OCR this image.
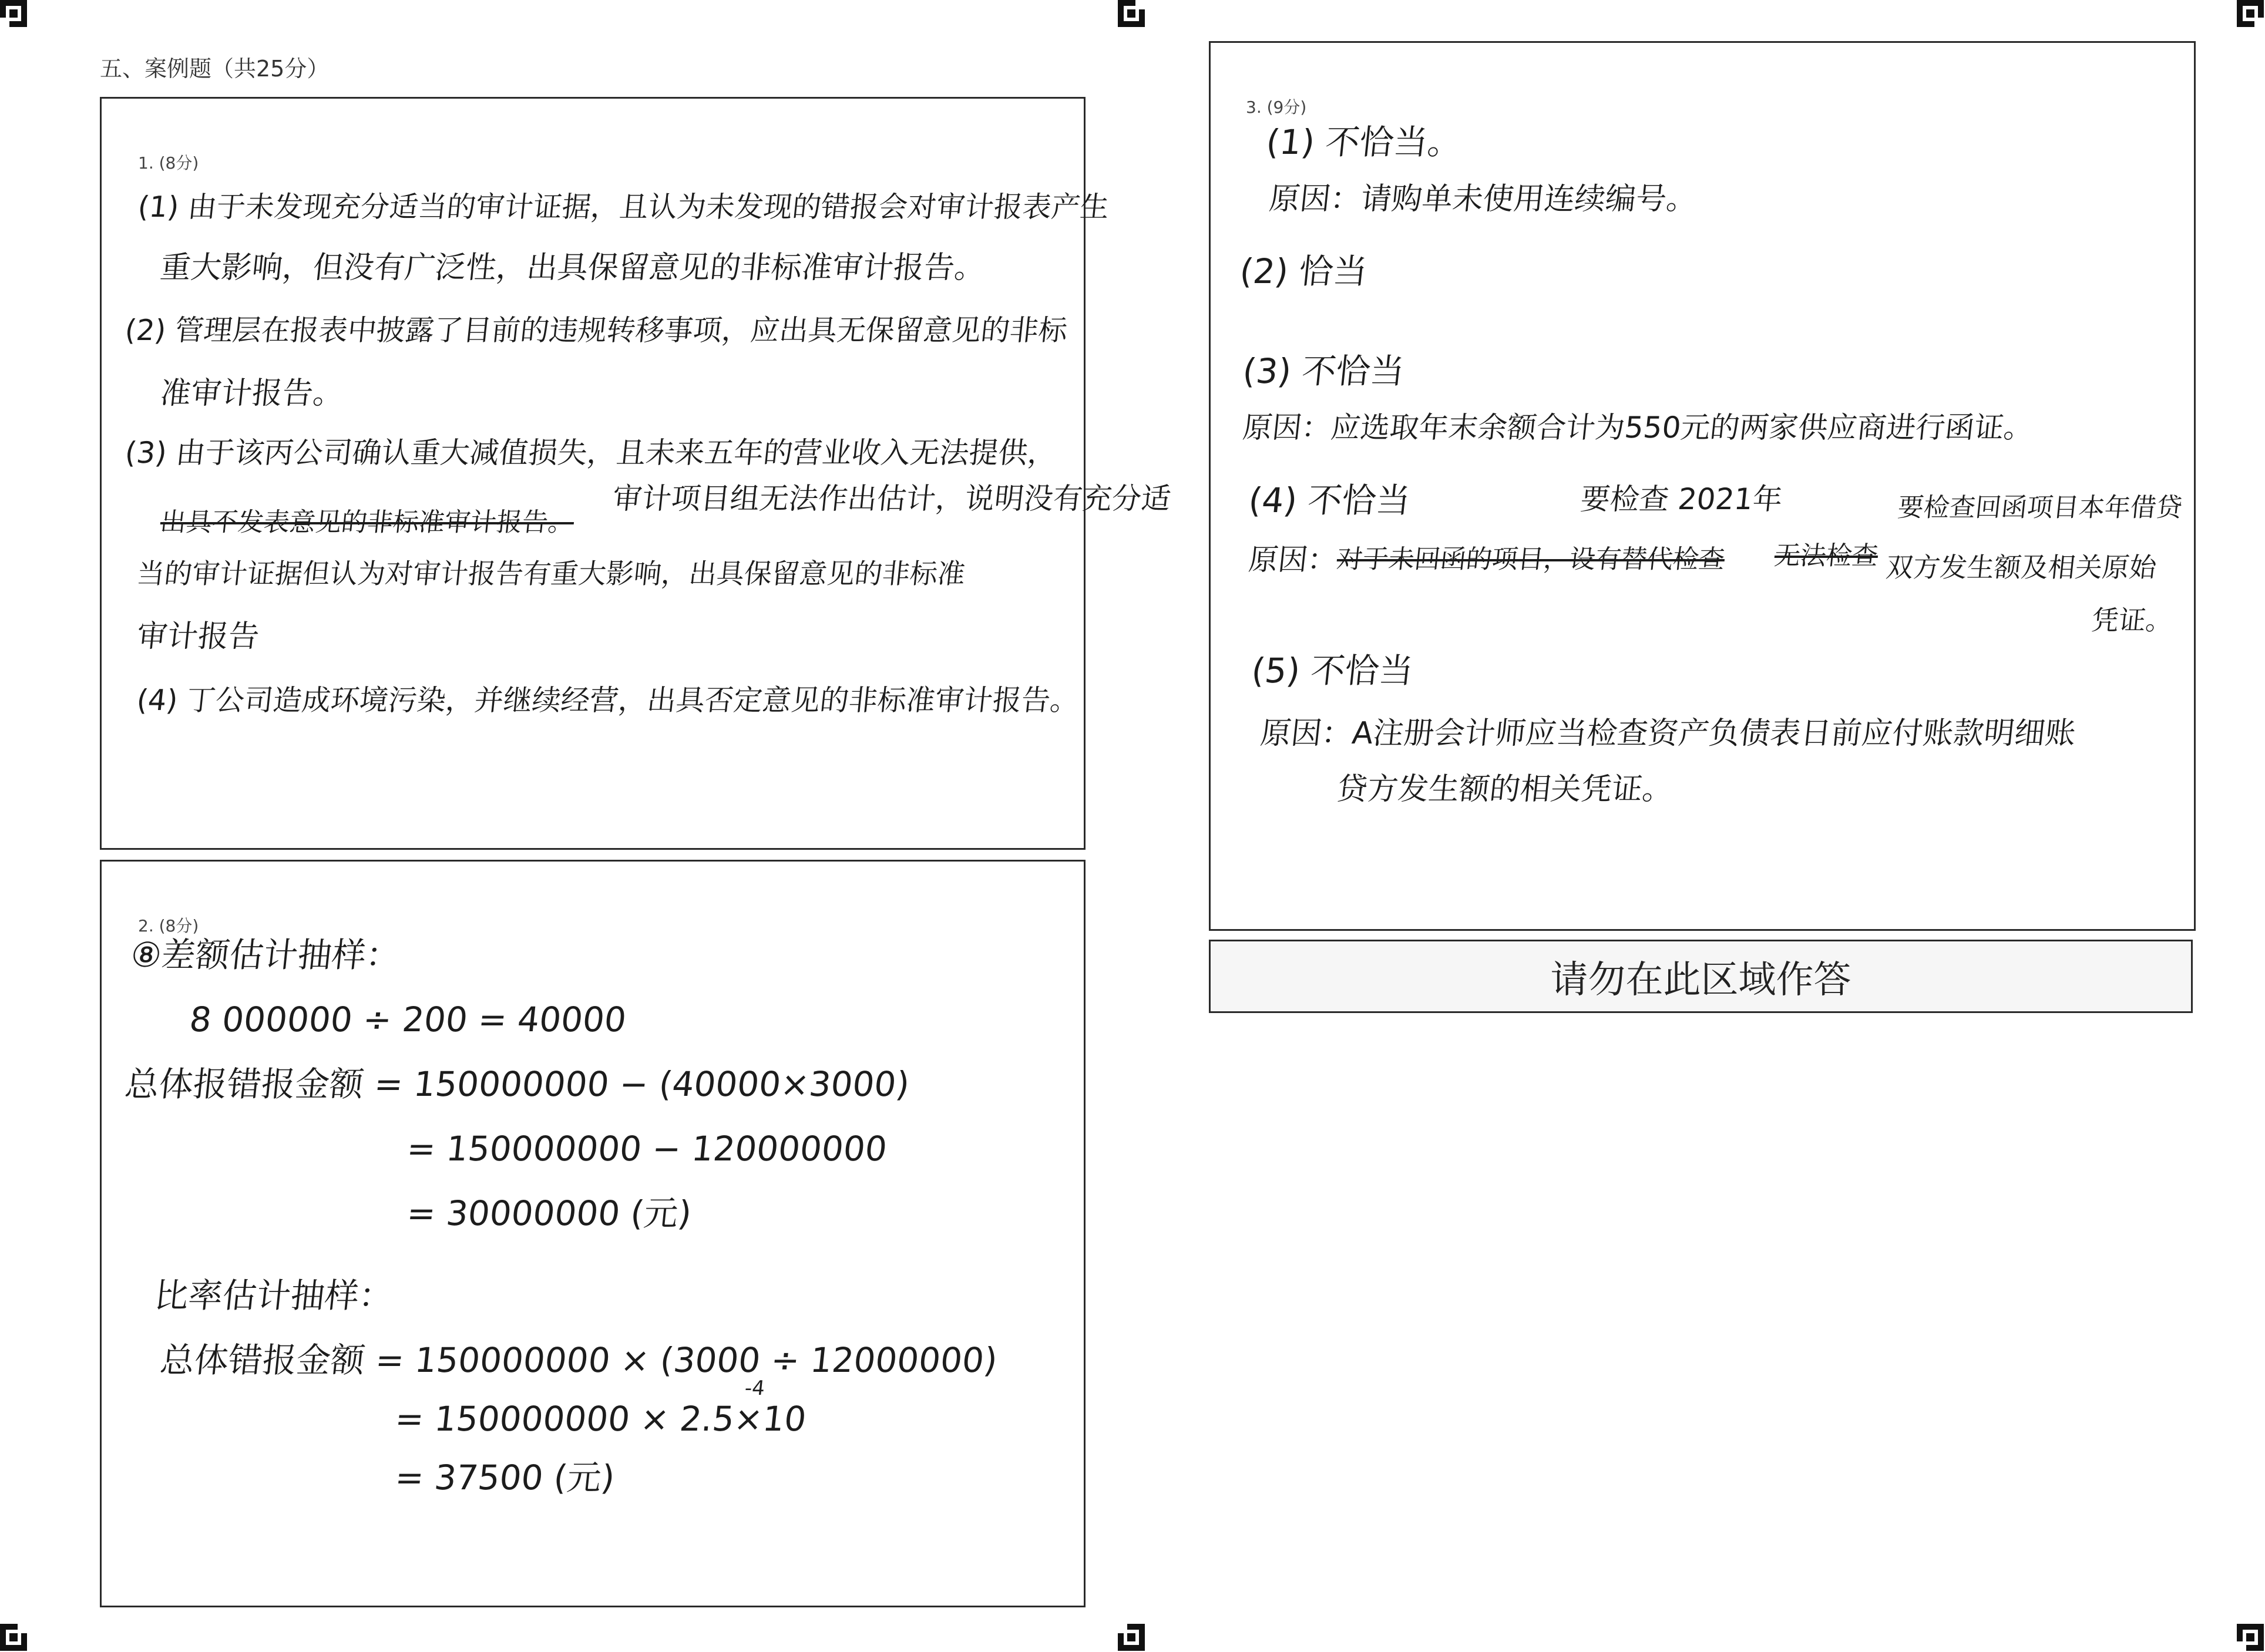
五、案例题（共25分）
1. (8分)
(1) 由于未发现充分适当的审计证据，且认为未发现的错报会对审计报表产生
重大影响，但没有广泛性，出具保留意见的非标准审计报告。
(2) 管理层在报表中披露了目前的违规转移事项，应出具无保留意见的非标
准审计报告。
(3) 由于该丙公司确认重大减值损失，且未来五年的营业收入无法提供，
出具不发表意见的非标准审计报告。
审计项目组无法作出估计，说明没有充分适
当的审计证据但认为对审计报告有重大影响，出具保留意见的非标准
审计报告
(4) 丁公司造成环境污染，并继续经营，出具否定意见的非标准审计报告。
2. (8分)
⑧差额估计抽样：
8 000000 ÷ 200 = 40000
总体报错报金额 = 150000000 − (40000×3000)
= 150000000 − 120000000
= 30000000 (元)
比率估计抽样：
总体错报金额 = 150000000 × (3000 ÷ 12000000)
= 150000000 × 2.5×10
-4
= 37500 (元)
3. (9分)
(1) 不恰当。
原因：请购单未使用连续编号。
(2) 恰当
(3) 不恰当
原因：应选取年末余额合计为550元的两家供应商进行函证。
(4) 不恰当
原因：
对于未回函的项目，设有替代检查 无法检查
要检查 2021年	要检查回函项目本年借贷
双方发生额及相关原始
凭证。
(5) 不恰当
原因：A注册会计师应当检查资产负债表日前应付账款明细账
贷方发生额的相关凭证。
请勿在此区域作答
